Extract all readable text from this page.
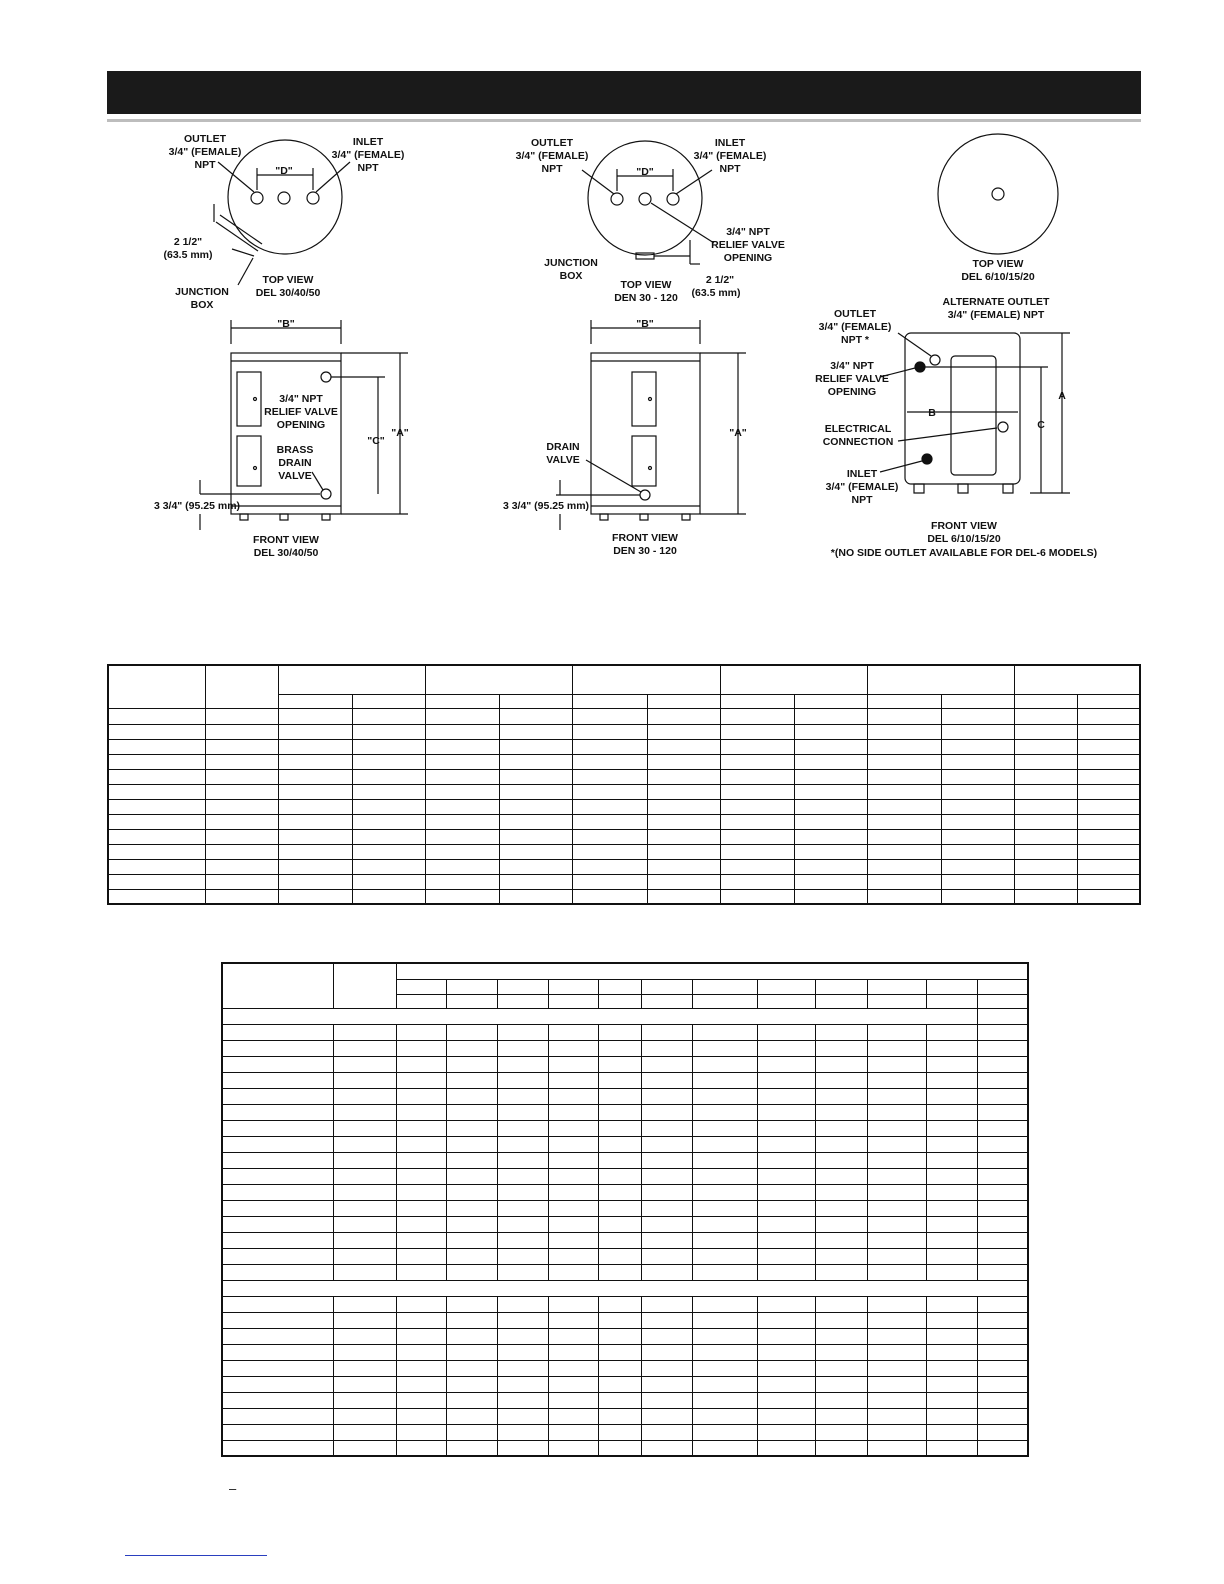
OUTLET 3/4" (FEMALE) NPT
INLET 3/4" (FEMALE) NPT
"D"
2 1/2" (63.5 mm)
JUNCTION BOX
TOP VIEW DEL 30/40/50
"B"
3/4" NPT RELIEF VALVE OPENING
BRASS DRAIN VALVE
"C"
"A"
3 3/4" (95.25 mm)
FRONT VIEW DEL 30/40/50
OUTLET 3/4" (FEMALE) NPT
INLET 3/4" (FEMALE) NPT
"D"
3/4" NPT RELIEF VALVE OPENING
JUNCTION BOX
TOP VIEW DEN 30 - 120
2 1/2" (63.5 mm)
"B"
DRAIN VALVE
"A"
3 3/4" (95.25 mm)
FRONT VIEW DEN 30 - 120
TOP VIEW DEL 6/10/15/20
ALTERNATE OUTLET 3/4" (FEMALE) NPT
OUTLET 3/4" (FEMALE) NPT *
3/4" NPT RELIEF VALVE OPENING
B
ELECTRICAL CONNECTION
INLET 3/4" (FEMALE) NPT
A
C
FRONT VIEW DEL 6/10/15/20 *(NO SIDE OUTLET AVAILABLE FOR DEL-6 MODELS)

–
